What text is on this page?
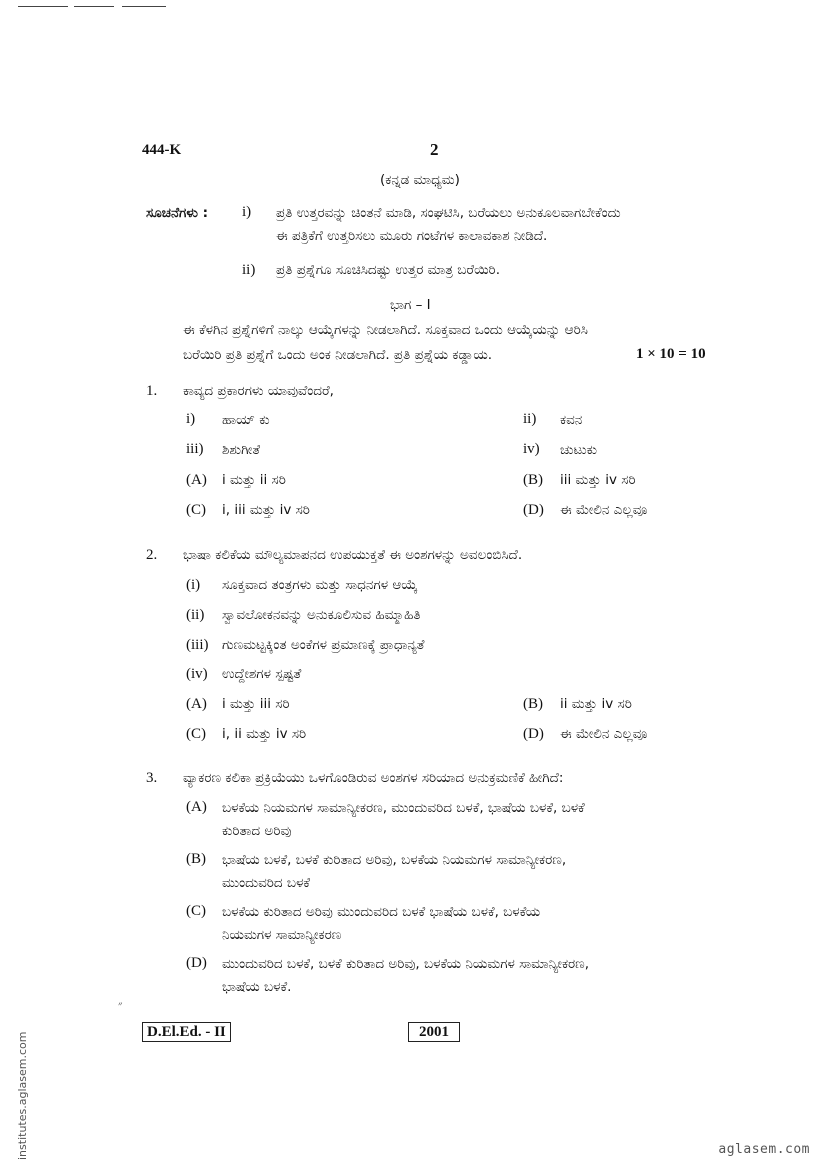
444-K	2
(ಕನ್ನಡ ಮಾಧ್ಯಮ)
ಸೂಚನೆಗಳು : i) ಪ್ರತಿ ಉತ್ತರವನ್ನು ಚಿಂತನೆ ಮಾಡಿ, ಸಂಘಟಿಸಿ, ಬರೆಯಲು ಅನುಕೂಲವಾಗಬೇಕೆಂದು
ಈ ಪತ್ರಿಕೆಗೆ ಉತ್ತರಿಸಲು ಮೂರು ಗಂಟೆಗಳ ಕಾಲಾವಕಾಶ ನೀಡಿದೆ.
ii) ಪ್ರತಿ ಪ್ರಶ್ನೆಗೂ ಸೂಚಿಸಿದಷ್ಟು ಉತ್ತರ ಮಾತ್ರ ಬರೆಯಿರಿ.
ಭಾಗ – I
ಈ ಕೆಳಗಿನ ಪ್ರಶ್ನೆಗಳಿಗೆ ನಾಲ್ಕು ಆಯ್ಕೆಗಳನ್ನು ನೀಡಲಾಗಿದೆ. ಸೂಕ್ತವಾದ ಒಂದು ಆಯ್ಕೆಯನ್ನು ಆರಿಸಿ
ಬರೆಯಿರಿ ಪ್ರತಿ ಪ್ರಶ್ನೆಗೆ ಒಂದು ಅಂಕ ನೀಡಲಾಗಿದೆ. ಪ್ರತಿ ಪ್ರಶ್ನೆಯ ಕಡ್ಡಾಯ.	1 × 10 = 10
1. ಕಾವ್ಯದ ಪ್ರಕಾರಗಳು ಯಾವುವೆಂದರೆ,
i) ಹಾಯ್ ಕು	ii) ಕವನ
iii) ಶಿಶುಗೀತೆ	iv) ಚುಟುಕು
(A) i ಮತ್ತು ii ಸರಿ	(B) iii ಮತ್ತು iv ಸರಿ
(C) i, iii ಮತ್ತು iv ಸರಿ	(D) ಈ ಮೇಲಿನ ಎಲ್ಲವೂ
2. ಭಾಷಾ ಕಲಿಕೆಯ ಮೌಲ್ಯಮಾಪನದ ಉಪಯುಕ್ತತೆ ಈ ಅಂಶಗಳನ್ನು ಅವಲಂಬಿಸಿದೆ.
(i) ಸೂಕ್ತವಾದ ತಂತ್ರಗಳು ಮತ್ತು ಸಾಧನಗಳ ಆಯ್ಕೆ
(ii) ಸ್ವಾವಲೋಕನವನ್ನು ಅನುಕೂಲಿಸುವ ಹಿಮ್ಮಾಹಿತಿ
(iii) ಗುಣಮಟ್ಟಕ್ಕಿಂತ ಅಂಕೆಗಳ ಪ್ರಮಾಣಕ್ಕೆ ಪ್ರಾಧಾನ್ಯತೆ
(iv) ಉದ್ದೇಶಗಳ ಸ್ಪಷ್ಟತೆ
(A) i ಮತ್ತು iii ಸರಿ	(B) ii ಮತ್ತು iv ಸರಿ
(C) i, ii ಮತ್ತು iv ಸರಿ	(D) ಈ ಮೇಲಿನ ಎಲ್ಲವೂ
3. ವ್ಯಾಕರಣ ಕಲಿಕಾ ಪ್ರಕ್ರಿಯೆಯು ಒಳಗೊಂಡಿರುವ ಅಂಶಗಳ ಸರಿಯಾದ ಅನುಕ್ರಮಣಿಕೆ ಹೀಗಿದೆ:
(A) ಬಳಕೆಯ ನಿಯಮಗಳ ಸಾಮಾನ್ಯೀಕರಣ, ಮುಂದುವರಿದ ಬಳಕೆ, ಭಾಷೆಯ ಬಳಕೆ, ಬಳಕೆ
ಕುರಿತಾದ ಅರಿವು
(B) ಭಾಷೆಯ ಬಳಕೆ, ಬಳಕೆ ಕುರಿತಾದ ಅರಿವು, ಬಳಕೆಯ ನಿಯಮಗಳ ಸಾಮಾನ್ಯೀಕರಣ,
ಮುಂದುವರಿದ ಬಳಕೆ
(C) ಬಳಕೆಯ ಕುರಿತಾದ ಅರಿವು ಮುಂದುವರಿದ ಬಳಕೆ ಭಾಷೆಯ ಬಳಕೆ, ಬಳಕೆಯ
ನಿಯಮಗಳ ಸಾಮಾನ್ಯೀಕರಣ
(D) ಮುಂದುವರಿದ ಬಳಕೆ, ಬಳಕೆ ಕುರಿತಾದ ಅರಿವು, ಬಳಕೆಯ ನಿಯಮಗಳ ಸಾಮಾನ್ಯೀಕರಣ,
ಭಾಷೆಯ ಬಳಕೆ.
״
D.El.Ed. - II	2001
institutes.aglasem.com	aglasem.com
